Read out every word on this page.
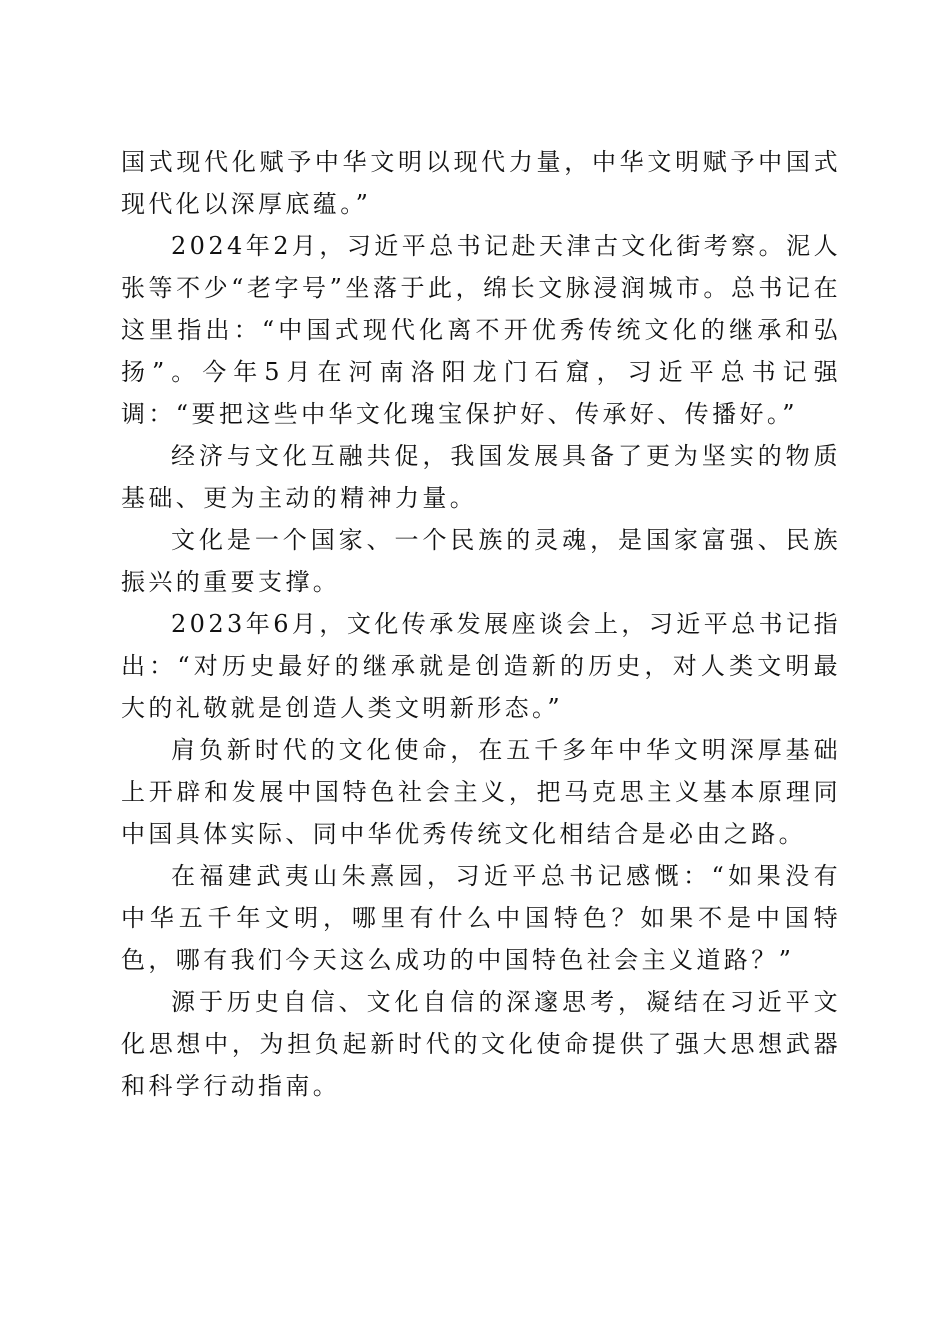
国式现代化赋予中华文明以现代力量，中华文明赋予中国式现代化以深厚底蕴。”

2024年2月，习近平总书记赴天津古文化街考察。泥人张等不少“老字号”坐落于此，绵长文脉浸润城市。总书记在这里指出：“中国式现代化离不开优秀传统文化的继承和弘扬”。今年5月在河南洛阳龙门石窟，习近平总书记强调：“要把这些中华文化瑰宝保护好、传承好、传播好。”

经济与文化互融共促，我国发展具备了更为坚实的物质基础、更为主动的精神力量。

文化是一个国家、一个民族的灵魂，是国家富强、民族振兴的重要支撑。

2023年6月，文化传承发展座谈会上，习近平总书记指出：“对历史最好的继承就是创造新的历史，对人类文明最大的礼敬就是创造人类文明新形态。”

肩负新时代的文化使命，在五千多年中华文明深厚基础上开辟和发展中国特色社会主义，把马克思主义基本原理同中国具体实际、同中华优秀传统文化相结合是必由之路。

在福建武夷山朱熹园，习近平总书记感慨：“如果没有中华五千年文明，哪里有什么中国特色？如果不是中国特色，哪有我们今天这么成功的中国特色社会主义道路？”

源于历史自信、文化自信的深邃思考，凝结在习近平文化思想中，为担负起新时代的文化使命提供了强大思想武器和科学行动指南。
